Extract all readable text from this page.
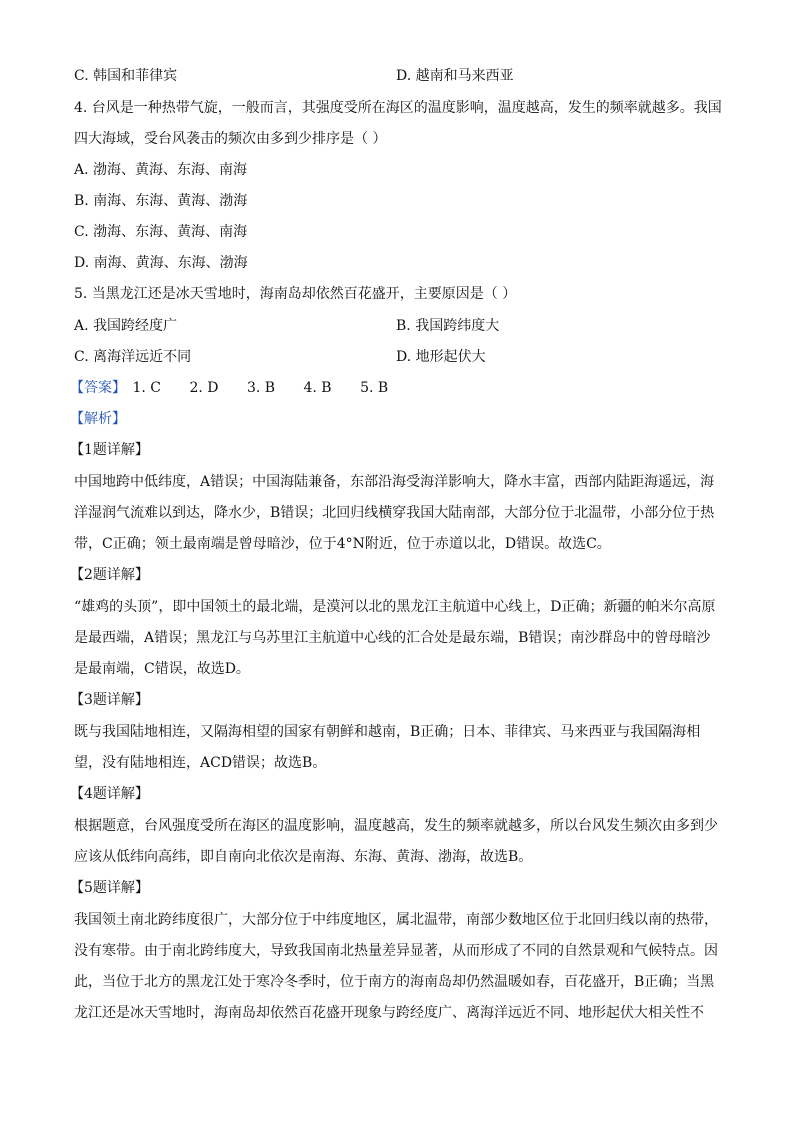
C. 韩国和菲律宾	D. 越南和马来西亚
4. 台风是一种热带气旋，一般而言，其强度受所在海区的温度影响，温度越高，发生的频率就越多。我国
四大海域，受台风袭击的频次由多到少排序是（ ）
A. 渤海、黄海、东海、南海
B. 南海、东海、黄海、渤海
C. 渤海、东海、黄海、南海
D. 南海、黄海、东海、渤海
5. 当黑龙江还是冰天雪地时，海南岛却依然百花盛开，主要原因是（ ）
A. 我国跨经度广	B. 我国跨纬度大
C. 离海洋远近不同	D. 地形起伏大
【答案】 1. C 2. D 3. B 4. B 5. B
【解析】
【1题详解】
中国地跨中低纬度，A错误；中国海陆兼备，东部沿海受海洋影响大，降水丰富，西部内陆距海遥远，海
洋湿润气流难以到达，降水少，B错误；北回归线横穿我国大陆南部，大部分位于北温带，小部分位于热
带，C正确；领土最南端是曾母暗沙，位于4°N附近，位于赤道以北，D错误。故选C。
【2题详解】
“雄鸡的头顶”，即中国领土的最北端，是漠河以北的黑龙江主航道中心线上，D正确；新疆的帕米尔高原
是最西端，A错误；黑龙江与乌苏里江主航道中心线的汇合处是最东端，B错误；南沙群岛中的曾母暗沙
是最南端，C错误，故选D。
【3题详解】
既与我国陆地相连，又隔海相望的国家有朝鲜和越南，B正确；日本、菲律宾、马来西亚与我国隔海相
望，没有陆地相连，ACD错误；故选B。
【4题详解】
根据题意，台风强度受所在海区的温度影响，温度越高，发生的频率就越多，所以台风发生频次由多到少
应该从低纬向高纬，即自南向北依次是南海、东海、黄海、渤海，故选B。
【5题详解】
我国领土南北跨纬度很广，大部分位于中纬度地区，属北温带，南部少数地区位于北回归线以南的热带，
没有寒带。由于南北跨纬度大，导致我国南北热量差异显著，从而形成了不同的自然景观和气候特点。因
此，当位于北方的黑龙江处于寒冷冬季时，位于南方的海南岛却仍然温暖如春，百花盛开，B正确；当黑
龙江还是冰天雪地时，海南岛却依然百花盛开现象与跨经度广、离海洋远近不同、地形起伏大相关性不
